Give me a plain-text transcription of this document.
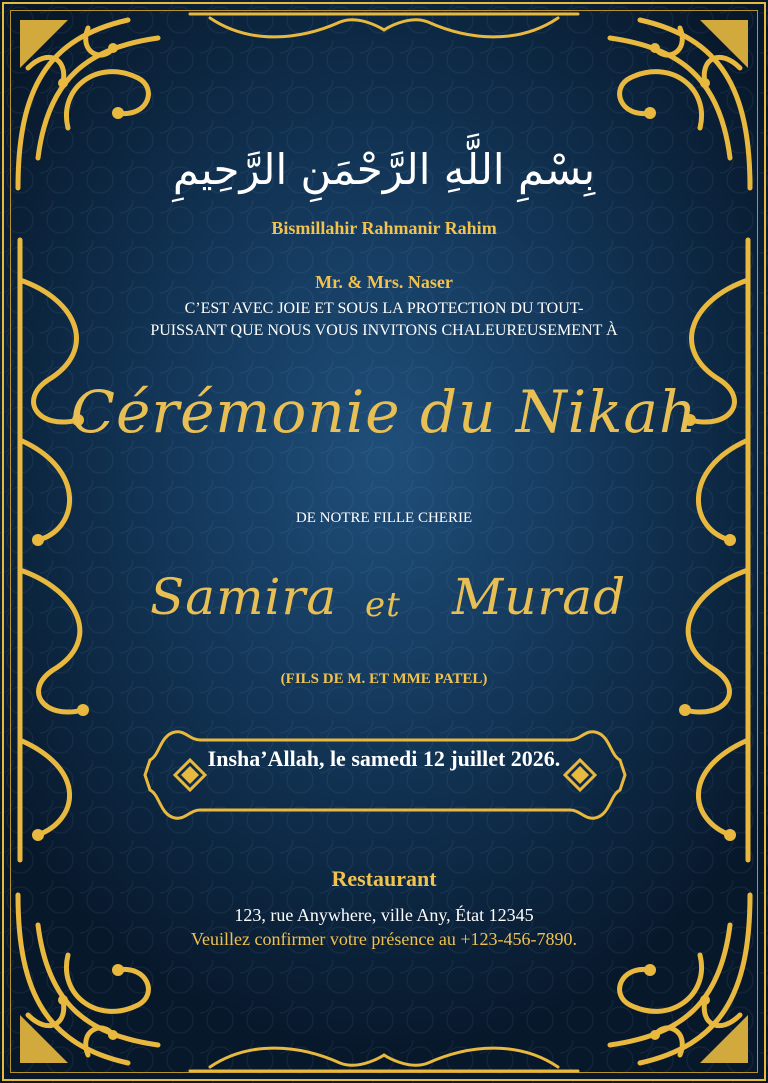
بِسْمِ اللَّهِ الرَّحْمَنِ الرَّحِيمِ
Bismillahir Rahmanir Rahim
Mr. & Mrs. Naser
C’EST AVEC JOIE ET SOUS LA PROTECTION DU TOUT-PUISSANT QUE NOUS VOUS INVITONS CHALEUREUSEMENT À
Cérémonie du Nikah
DE NOTRE FILLE CHERIE
Samira et Murad
(FILS DE M. ET MME PATEL)
Insha’Allah, le samedi 12 juillet 2026.
Restaurant
123, rue Anywhere, ville Any, État 12345
Veuillez confirmer votre présence au +123-456-7890.
